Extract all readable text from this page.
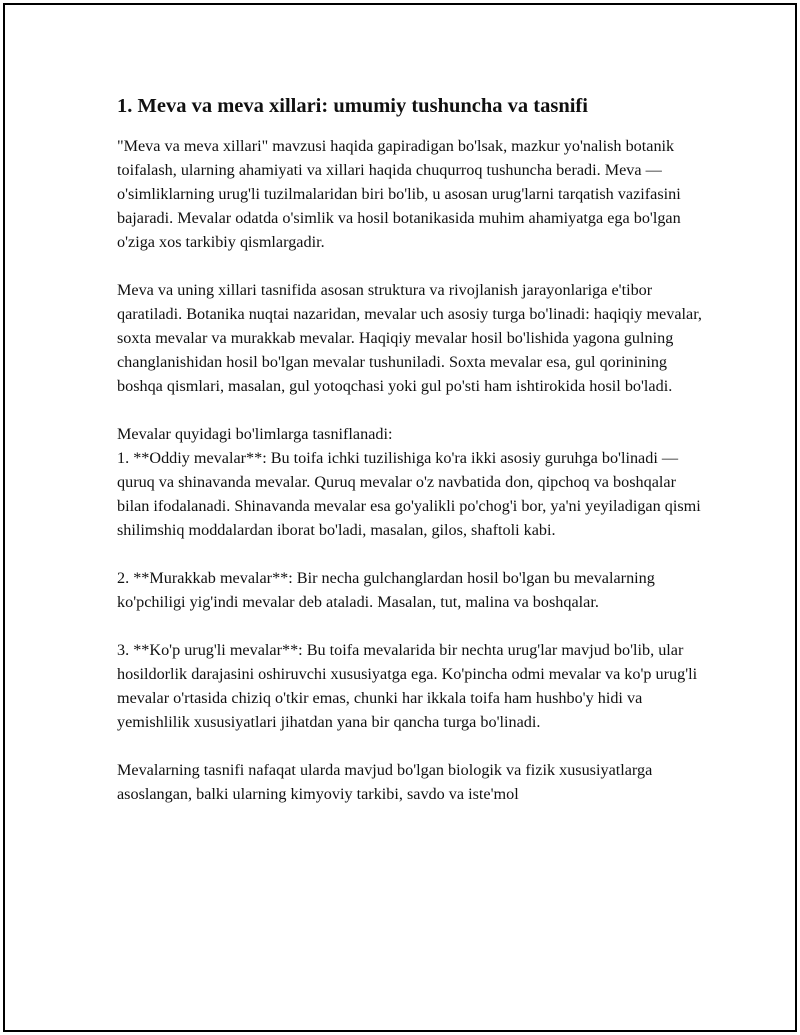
1. Meva va meva xillari: umumiy tushuncha va tasnifi

"Meva va meva xillari" mavzusi haqida gapiradigan bo'lsak, mazkur yo'nalish botanik toifalash, ularning ahamiyati va xillari haqida chuqurroq tushuncha beradi. Meva — o'simliklarning urug'li tuzilmalaridan biri bo'lib, u asosan urug'larni tarqatish vazifasini bajaradi. Mevalar odatda o'simlik va hosil botanikasida muhim ahamiyatga ega bo'lgan o'ziga xos tarkibiy qismlargadir.

Meva va uning xillari tasnifida asosan struktura va rivojlanish jarayonlariga e'tibor qaratiladi. Botanika nuqtai nazaridan, mevalar uch asosiy turga bo'linadi: haqiqiy mevalar, soxta mevalar va murakkab mevalar. Haqiqiy mevalar hosil bo'lishida yagona gulning changlanishidan hosil bo'lgan mevalar tushuniladi. Soxta mevalar esa, gul qorinining boshqa qismlari, masalan, gul yotoqchasi yoki gul po'sti ham ishtirokida hosil bo'ladi.

Mevalar quyidagi bo'limlarga tasniflanadi:

1. **Oddiy mevalar**: Bu toifa ichki tuzilishiga ko'ra ikki asosiy guruhga bo'linadi — quruq va shinavanda mevalar. Quruq mevalar o'z navbatida don, qipchoq va boshqalar bilan ifodalanadi. Shinavanda mevalar esa go'yalikli po'chog'i bor, ya'ni yeyiladigan qismi shilimshiq moddalardan iborat bo'ladi, masalan, gilos, shaftoli kabi.

2. **Murakkab mevalar**: Bir necha gulchanglardan hosil bo'lgan bu mevalarning ko'pchiligi yig'indi mevalar deb ataladi. Masalan, tut, malina va boshqalar.

3. **Ko'p urug'li mevalar**: Bu toifa mevalarida bir nechta urug'lar mavjud bo'lib, ular hosildorlik darajasini oshiruvchi xususiyatga ega. Ko'pincha odmi mevalar va ko'p urug'li mevalar o'rtasida chiziq o'tkir emas, chunki har ikkala toifa ham hushbo'y hidi va yemishlilik xususiyatlari jihatdan yana bir qancha turga bo'linadi.

Mevalarning tasnifi nafaqat ularda mavjud bo'lgan biologik va fizik xususiyatlarga asoslangan, balki ularning kimyoviy tarkibi, savdo va iste'mol
